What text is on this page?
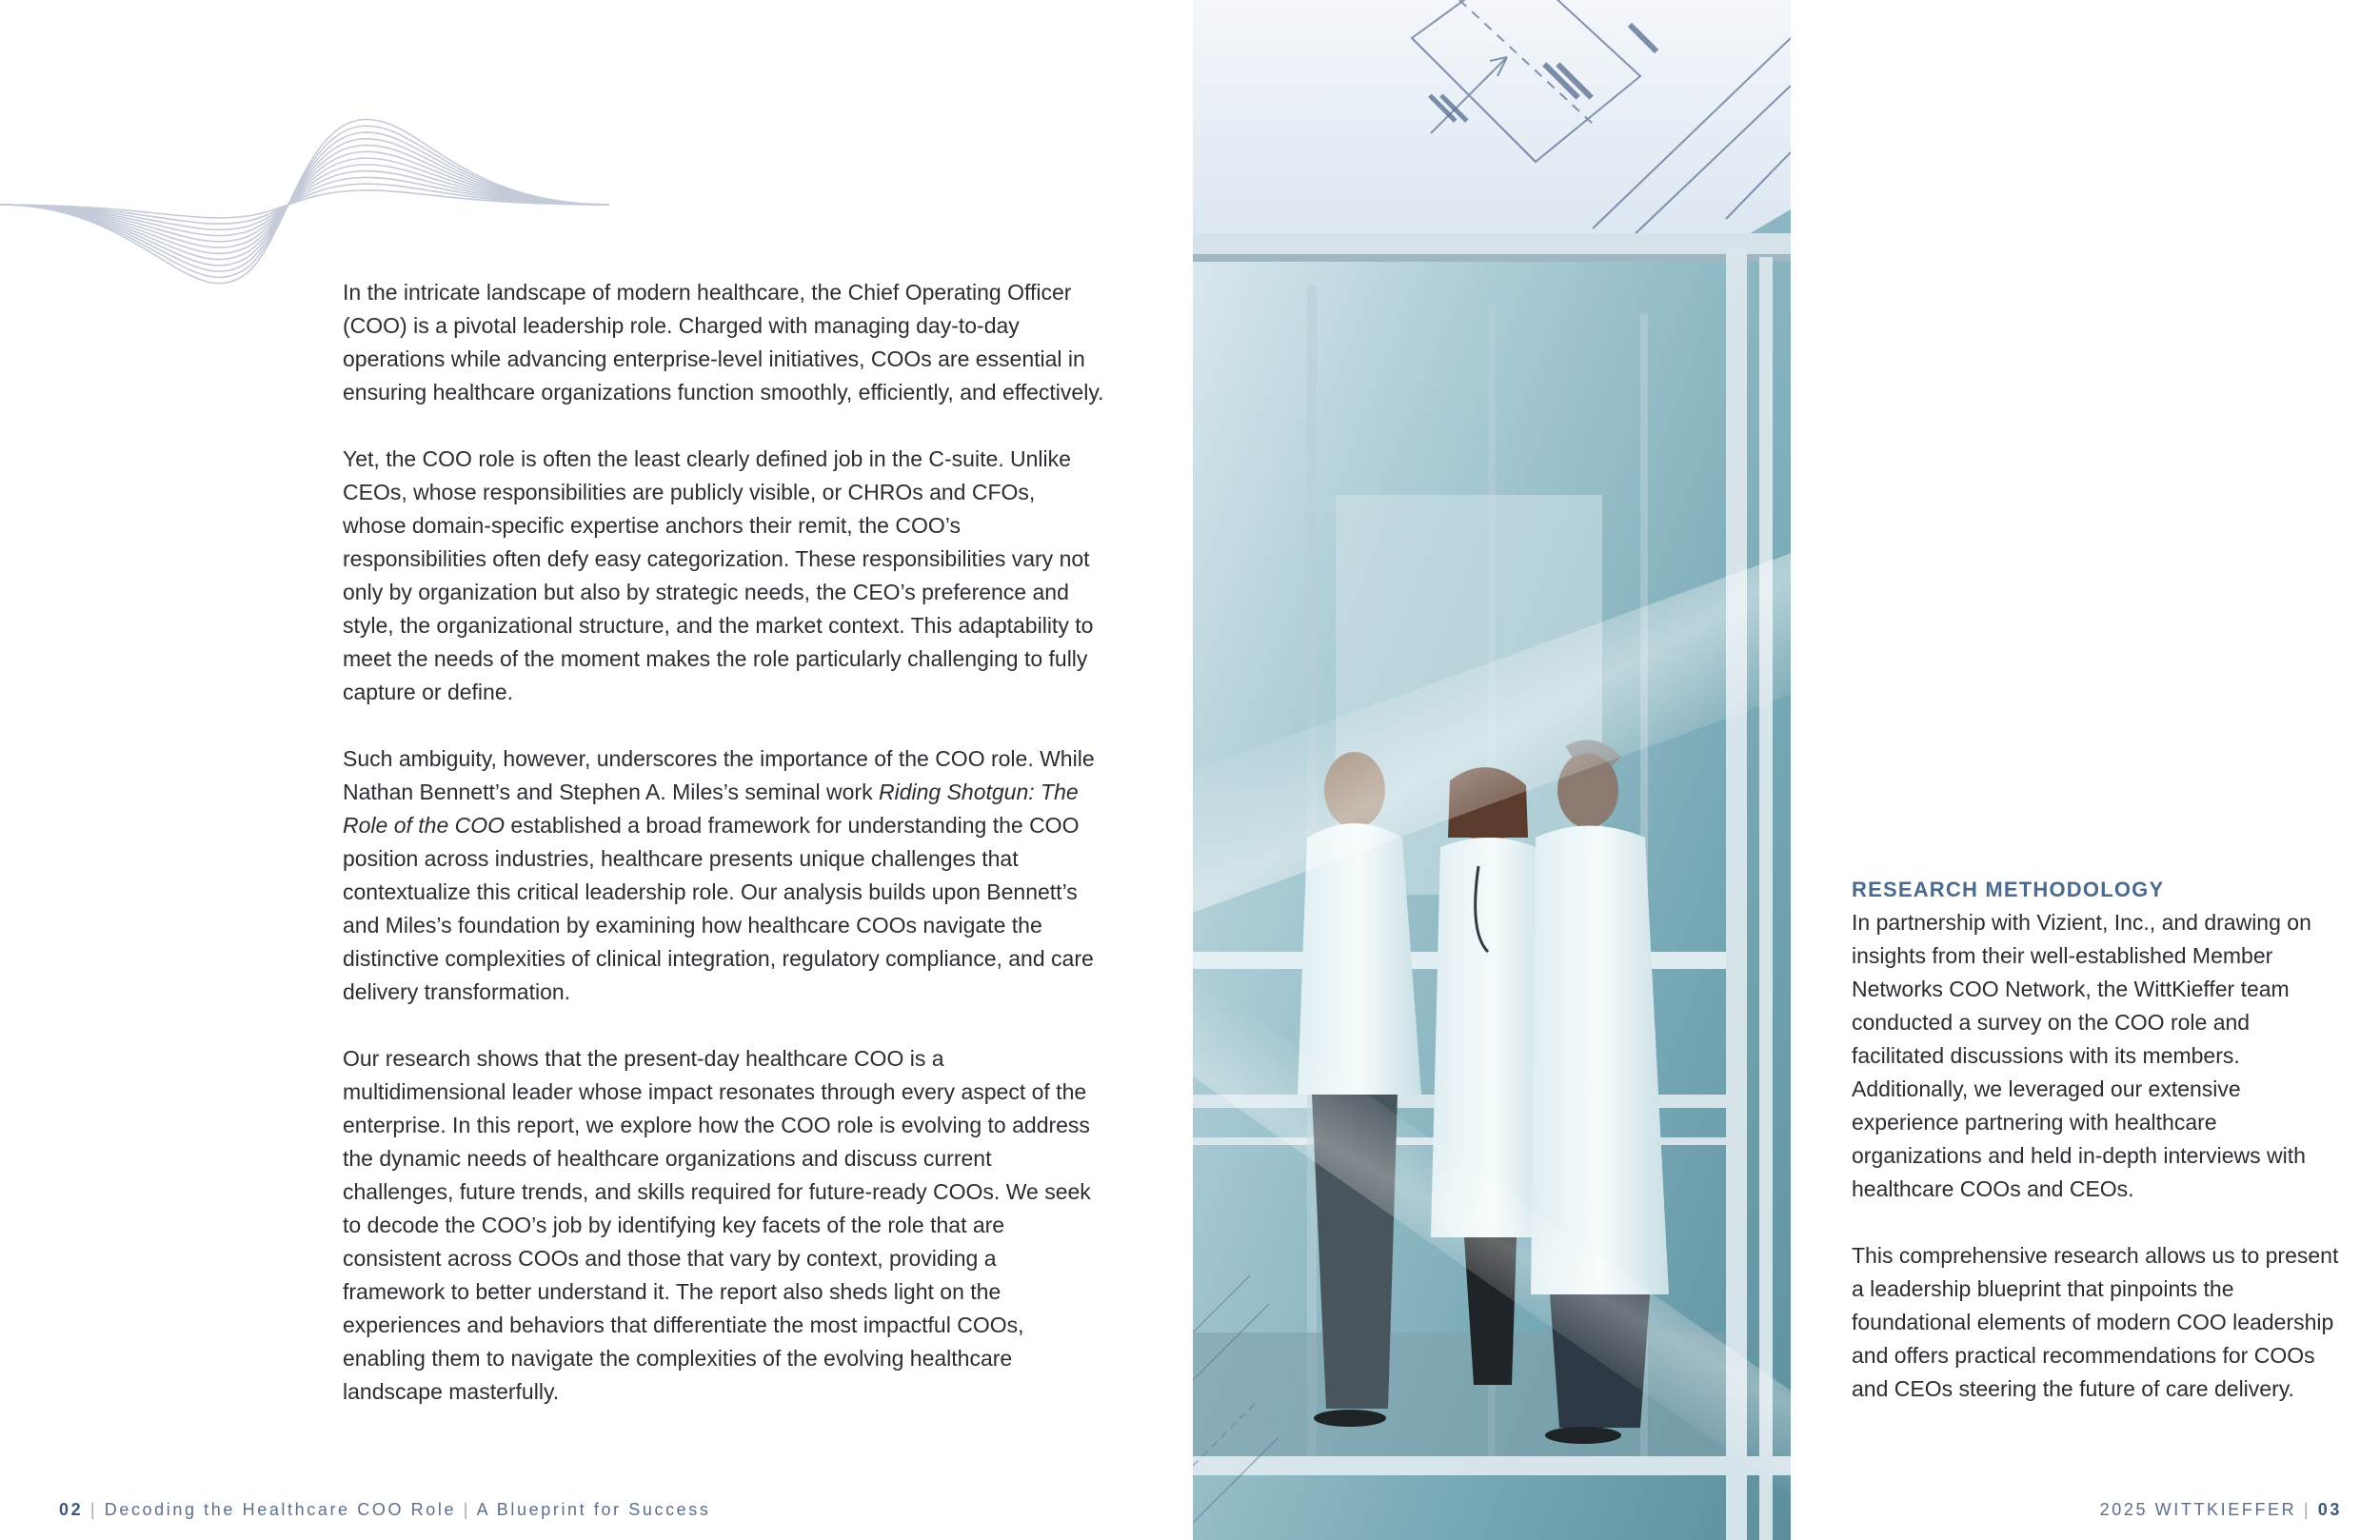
In the intricate landscape of modern healthcare, the Chief Operating Officer (COO) is a pivotal leadership role. Charged with managing day-to-day operations while advancing enterprise-level initiatives, COOs are essential in ensuring healthcare organizations function smoothly, efficiently, and effectively.

Yet, the COO role is often the least clearly defined job in the C-suite. Unlike CEOs, whose responsibilities are publicly visible, or CHROs and CFOs, whose domain-specific expertise anchors their remit, the COO’s responsibilities often defy easy categorization. These responsibilities vary not only by organization but also by strategic needs, the CEO’s preference and style, the organizational structure, and the market context. This adaptability to meet the needs of the moment makes the role particularly challenging to fully capture or define.

Such ambiguity, however, underscores the importance of the COO role. While Nathan Bennett’s and Stephen A. Miles’s seminal work Riding Shotgun: The Role of the COO established a broad framework for understanding the COO position across industries, healthcare presents unique challenges that contextualize this critical leadership role. Our analysis builds upon Bennett’s and Miles’s foundation by examining how healthcare COOs navigate the distinctive complexities of clinical integration, regulatory compliance, and care delivery transformation.

Our research shows that the present-day healthcare COO is a multidimensional leader whose impact resonates through every aspect of the enterprise. In this report, we explore how the COO role is evolving to address the dynamic needs of healthcare organizations and discuss current challenges, future trends, and skills required for future-ready COOs. We seek to decode the COO’s job by identifying key facets of the role that are consistent across COOs and those that vary by context, providing a framework to better understand it. The report also sheds light on the experiences and behaviors that differentiate the most impactful COOs, enabling them to navigate the complexities of the evolving healthcare landscape masterfully.

RESEARCH METHODOLOGY

In partnership with Vizient, Inc., and drawing on insights from their well-established Member Networks COO Network, the WittKieffer team conducted a survey on the COO role and facilitated discussions with its members. Additionally, we leveraged our extensive experience partnering with healthcare organizations and held in-depth interviews with healthcare COOs and CEOs.

This comprehensive research allows us to present a leadership blueprint that pinpoints the foundational elements of modern COO leadership and offers practical recommendations for COOs and CEOs steering the future of care delivery.

02 | Decoding the Healthcare COO Role | A Blueprint for Success	2025 WITTKIEFFER | 03
